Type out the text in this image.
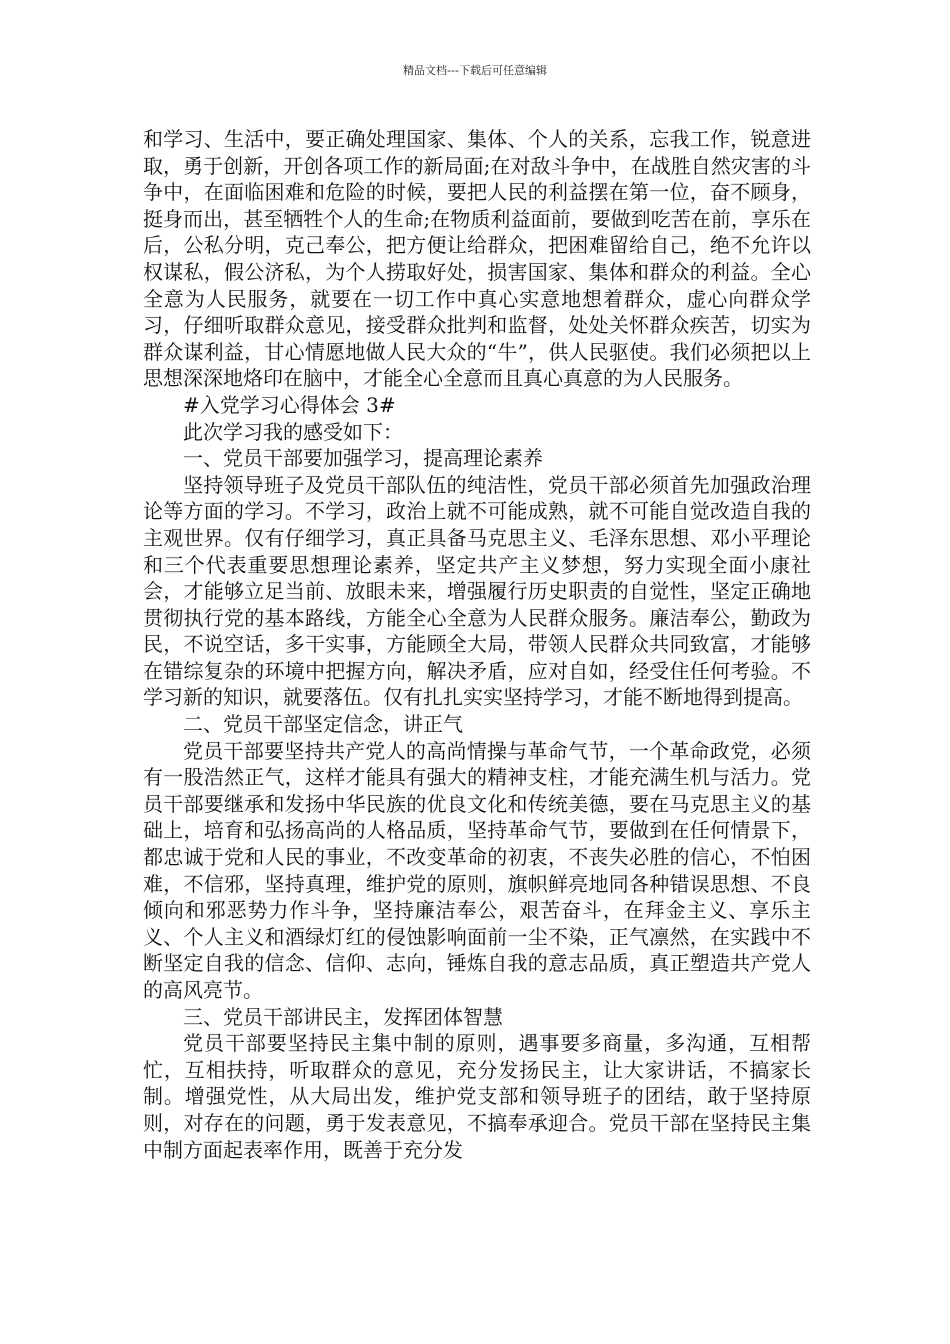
精品文档---下载后可任意编辑

和学习、生活中，要正确处理国家、集体、个人的关系，忘我工作，锐意进取，勇于创新，开创各项工作的新局面;在对敌斗争中，在战胜自然灾害的斗争中，在面临困难和危险的时候，要把人民的利益摆在第一位，奋不顾身，挺身而出，甚至牺牲个人的生命;在物质利益面前，要做到吃苦在前，享乐在后，公私分明，克己奉公，把方便让给群众，把困难留给自己，绝不允许以权谋私，假公济私，为个人捞取好处，损害国家、集体和群众的利益。全心全意为人民服务，就要在一切工作中真心实意地想着群众，虚心向群众学习，仔细听取群众意见，接受群众批判和监督，处处关怀群众疾苦，切实为群众谋利益，甘心情愿地做人民大众的“牛”，供人民驱使。我们必须把以上思想深深地烙印在脑中，才能全心全意而且真心真意的为人民服务。

#入党学习心得体会 3#

此次学习我的感受如下：

一、党员干部要加强学习，提高理论素养

坚持领导班子及党员干部队伍的纯洁性，党员干部必须首先加强政治理论等方面的学习。不学习，政治上就不可能成熟，就不可能自觉改造自我的主观世界。仅有仔细学习，真正具备马克思主义、毛泽东思想、邓小平理论和三个代表重要思想理论素养，坚定共产主义梦想，努力实现全面小康社会，才能够立足当前、放眼未来，增强履行历史职责的自觉性，坚定正确地贯彻执行党的基本路线，方能全心全意为人民群众服务。廉洁奉公，勤政为民，不说空话，多干实事，方能顾全大局，带领人民群众共同致富，才能够在错综复杂的环境中把握方向，解决矛盾，应对自如，经受住任何考验。不学习新的知识，就要落伍。仅有扎扎实实坚持学习，才能不断地得到提高。

二、党员干部坚定信念，讲正气

党员干部要坚持共产党人的高尚情操与革命气节，一个革命政党，必须有一股浩然正气，这样才能具有强大的精神支柱，才能充满生机与活力。党员干部要继承和发扬中华民族的优良文化和传统美德，要在马克思主义的基础上，培育和弘扬高尚的人格品质，坚持革命气节，要做到在任何情景下，都忠诚于党和人民的事业，不改变革命的初衷，不丧失必胜的信心，不怕困难，不信邪，坚持真理，维护党的原则，旗帜鲜亮地同各种错误思想、不良倾向和邪恶势力作斗争，坚持廉洁奉公，艰苦奋斗，在拜金主义、享乐主义、个人主义和酒绿灯红的侵蚀影响面前一尘不染，正气凛然，在实践中不断坚定自我的信念、信仰、志向，锤炼自我的意志品质，真正塑造共产党人的高风亮节。

三、党员干部讲民主，发挥团体智慧

党员干部要坚持民主集中制的原则，遇事要多商量，多沟通，互相帮忙，互相扶持，听取群众的意见，充分发扬民主，让大家讲话，不搞家长制。增强党性，从大局出发，维护党支部和领导班子的团结，敢于坚持原则，对存在的问题，勇于发表意见，不搞奉承迎合。党员干部在坚持民主集中制方面起表率作用，既善于充分发
